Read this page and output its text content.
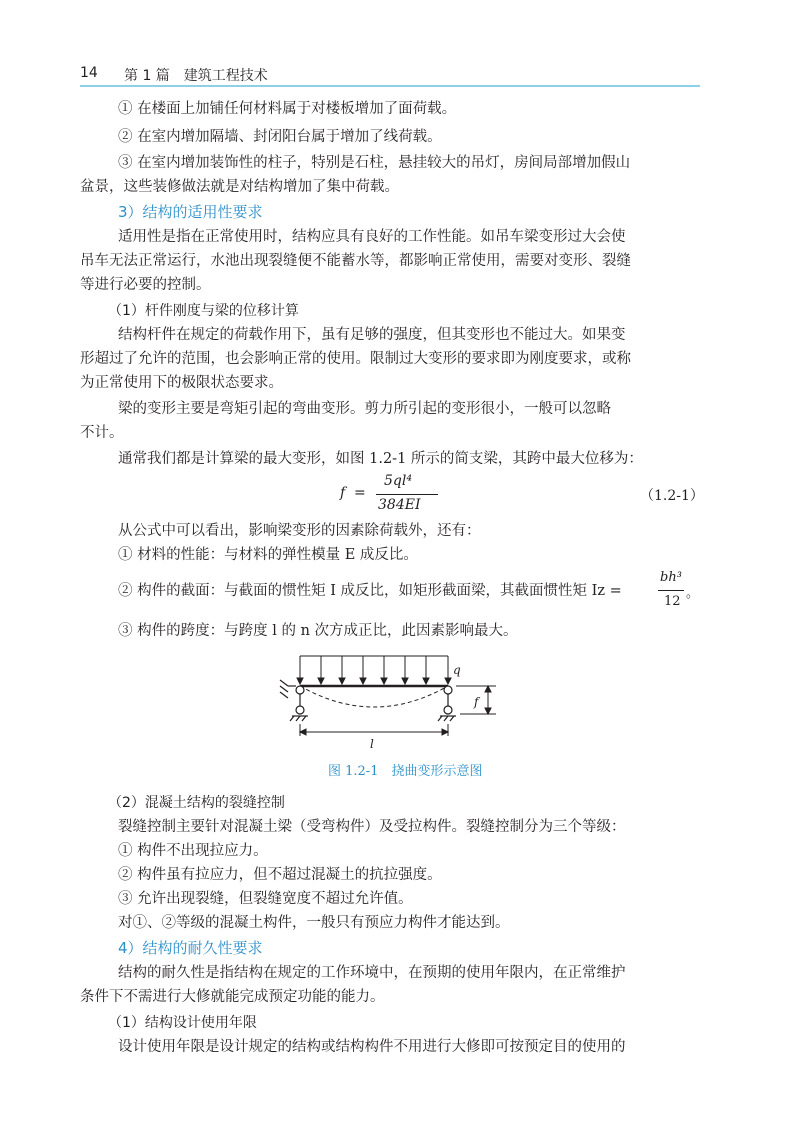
14 第 1 篇　建筑工程技术
① 在楼面上加铺任何材料属于对楼板增加了面荷载。
② 在室内增加隔墙、封闭阳台属于增加了线荷载。
③ 在室内增加装饰性的柱子，特别是石柱，悬挂较大的吊灯，房间局部增加假山
盆景，这些装修做法就是对结构增加了集中荷载。
3）结构的适用性要求
适用性是指在正常使用时，结构应具有良好的工作性能。如吊车梁变形过大会使
吊车无法正常运行，水池出现裂缝便不能蓄水等，都影响正常使用，需要对变形、裂缝
等进行必要的控制。
（1）杆件刚度与梁的位移计算
结构杆件在规定的荷载作用下，虽有足够的强度，但其变形也不能过大。如果变
形超过了允许的范围，也会影响正常的使用。限制过大变形的要求即为刚度要求，或称
为正常使用下的极限状态要求。
梁的变形主要是弯矩引起的弯曲变形。剪力所引起的变形很小，一般可以忽略
不计。
通常我们都是计算梁的最大变形，如图 1.2-1 所示的简支梁，其跨中最大位移为：
f =
5ql⁴
384EI
（1.2-1）
从公式中可以看出，影响梁变形的因素除荷载外，还有：
① 材料的性能：与材料的弹性模量 E 成反比。
② 构件的截面：与截面的惯性矩 I 成反比，如矩形截面梁，其截面惯性矩 Iz =
bh³
12
。
③ 构件的跨度：与跨度 l 的 n 次方成正比，此因素影响最大。
q
f
l
图 1.2-1　挠曲变形示意图
（2）混凝土结构的裂缝控制
裂缝控制主要针对混凝土梁（受弯构件）及受拉构件。裂缝控制分为三个等级：
① 构件不出现拉应力。
② 构件虽有拉应力，但不超过混凝土的抗拉强度。
③ 允许出现裂缝，但裂缝宽度不超过允许值。
对①、②等级的混凝土构件，一般只有预应力构件才能达到。
4）结构的耐久性要求
结构的耐久性是指结构在规定的工作环境中，在预期的使用年限内，在正常维护
条件下不需进行大修就能完成预定功能的能力。
（1）结构设计使用年限
设计使用年限是设计规定的结构或结构构件不用进行大修即可按预定目的使用的
